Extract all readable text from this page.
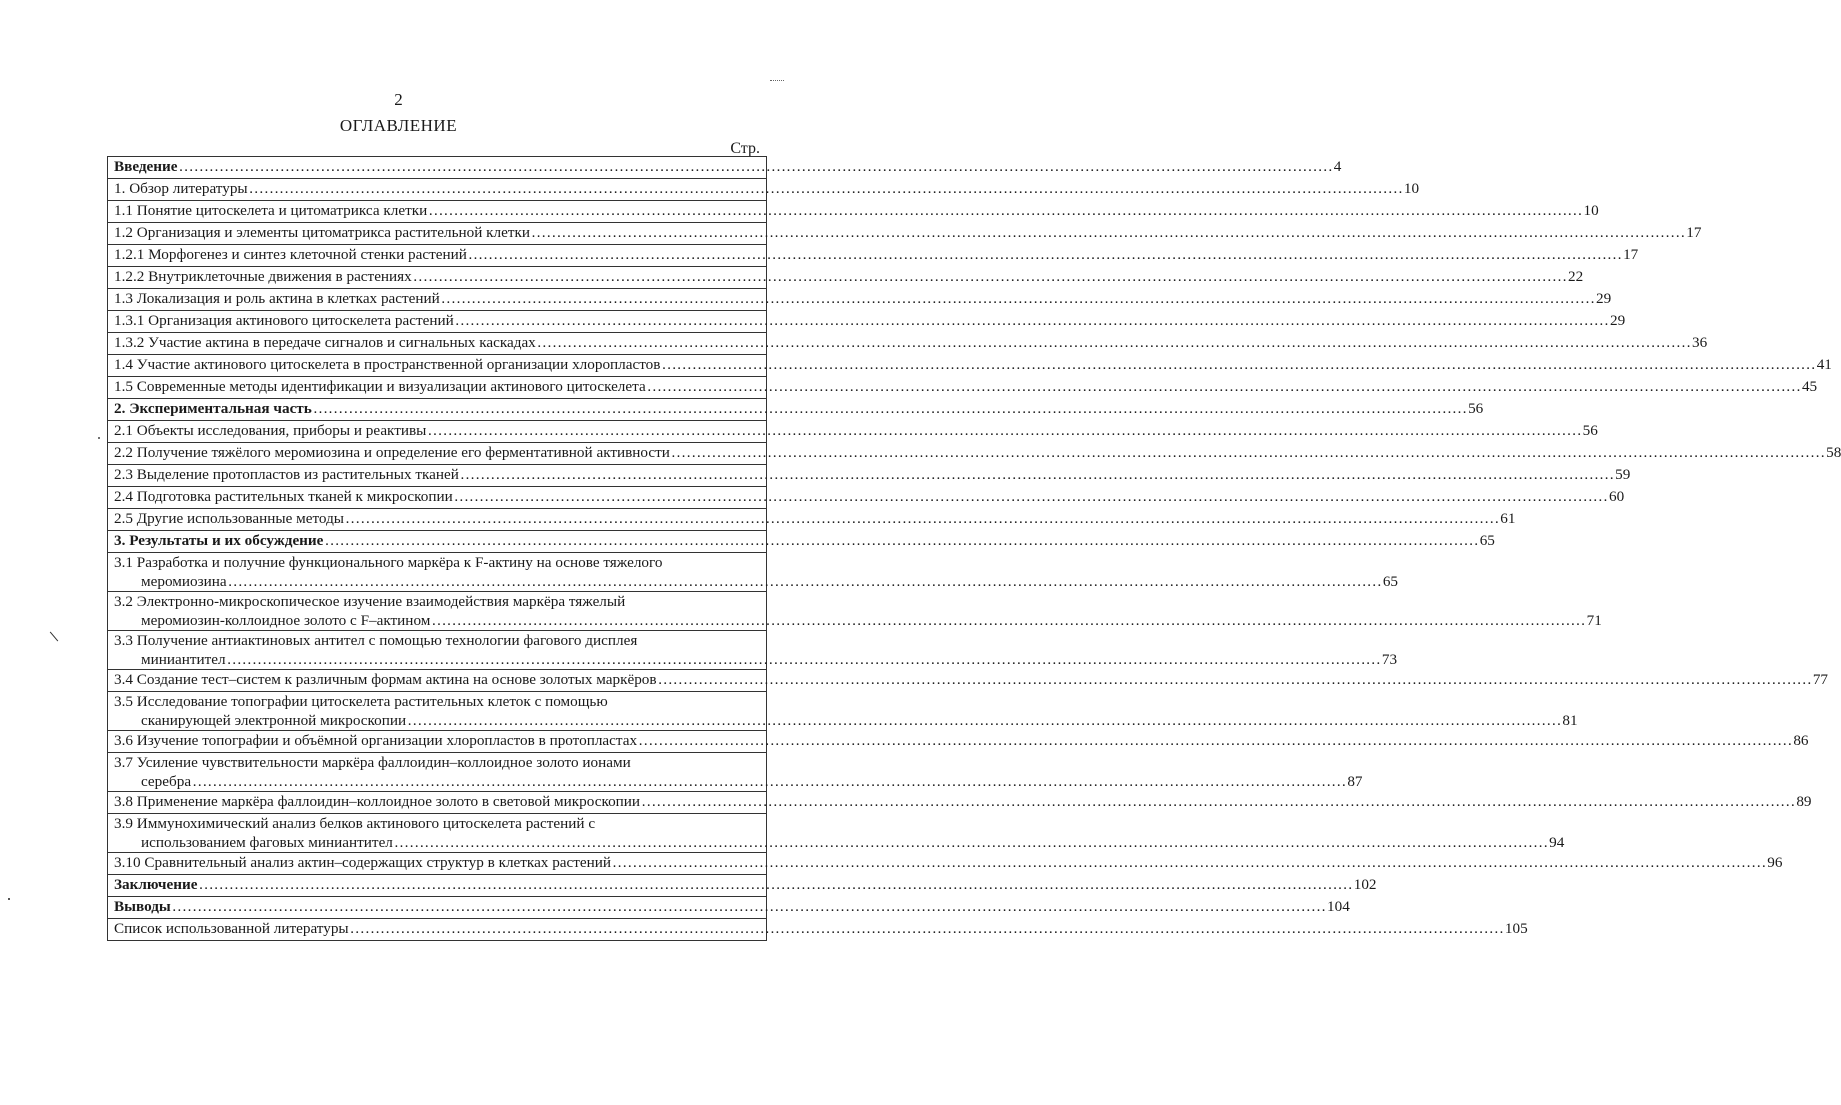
2
ОГЛАВЛЕНИЕ
Стр.
Введение …………………………………………………………………………………………………………………………………………………………………………………………………………	4

1. Обзор литературы …………………………………………………………………………………………………………………………………………………………………………………………………………	10

1.1 Понятие цитоскелета и цитоматрикса клетки …………………………………………………………………………………………………………………………………………………………………………………………………………	10

1.2 Организация и элементы цитоматрикса растительной клетки …………………………………………………………………………………………………………………………………………………………………………………………………………	17

1.2.1 Морфогенез и синтез клеточной стенки растений …………………………………………………………………………………………………………………………………………………………………………………………………………	17

1.2.2 Внутриклеточные движения в растениях …………………………………………………………………………………………………………………………………………………………………………………………………………	22

1.3 Локализация и роль актина в клетках растений …………………………………………………………………………………………………………………………………………………………………………………………………………	29

1.3.1 Организация актинового цитоскелета растений …………………………………………………………………………………………………………………………………………………………………………………………………………	29

1.3.2 Участие актина в передаче сигналов и сигнальных каскадах …………………………………………………………………………………………………………………………………………………………………………………………………………	36

1.4 Участие актинового цитоскелета в пространственной организации хлоропластов …………………………………………………………………………………………………………………………………………………………………………………………………………	41

1.5 Современные методы идентификации и визуализации актинового цитоскелета …………………………………………………………………………………………………………………………………………………………………………………………………………	45

2. Экспериментальная часть …………………………………………………………………………………………………………………………………………………………………………………………………………	56

2.1 Объекты исследования, приборы и реактивы …………………………………………………………………………………………………………………………………………………………………………………………………………	56

2.2 Получение тяжёлого меромиозина и определение его ферментативной активности …………………………………………………………………………………………………………………………………………………………………………………………………………	58

2.3 Выделение протопластов из растительных тканей …………………………………………………………………………………………………………………………………………………………………………………………………………	59

2.4 Подготовка растительных тканей к микроскопии …………………………………………………………………………………………………………………………………………………………………………………………………………	60

2.5 Другие использованные методы …………………………………………………………………………………………………………………………………………………………………………………………………………	61

3. Результаты и их обсуждение …………………………………………………………………………………………………………………………………………………………………………………………………………	65

3.1 Разработка и получние функционального маркёра к F-актину на основе тяжелого
меромиозина …………………………………………………………………………………………………………………………………………………………………………………………………………	65

3.2 Электронно-микроскопическое изучение взаимодействия маркёра тяжелый
меромиозин-коллоидное золото с F–актином …………………………………………………………………………………………………………………………………………………………………………………………………………	71

3.3 Получение антиактиновых антител с помощью технологии фагового дисплея
миниантител …………………………………………………………………………………………………………………………………………………………………………………………………………	73

3.4 Создание тест–систем к различным формам актина на основе золотых маркёров …………………………………………………………………………………………………………………………………………………………………………………………………………	77

3.5 Исследование топографии цитоскелета растительных клеток с помощью
сканирующей электронной микроскопии …………………………………………………………………………………………………………………………………………………………………………………………………………	81

3.6 Изучение топографии и объёмной организации хлоропластов в протопластах …………………………………………………………………………………………………………………………………………………………………………………………………………	86

3.7 Усиление чувствительности маркёра фаллоидин–коллоидное золото ионами
серебра …………………………………………………………………………………………………………………………………………………………………………………………………………	87

3.8 Применение маркёра фаллоидин–коллоидное золото в световой микроскопии …………………………………………………………………………………………………………………………………………………………………………………………………………	89

3.9 Иммунохимический анализ белков актинового цитоскелета растений с
использованием фаговых миниантител …………………………………………………………………………………………………………………………………………………………………………………………………………	94

3.10 Сравнительный анализ актин–содержащих структур в клетках растений …………………………………………………………………………………………………………………………………………………………………………………………………………	96

Заключение …………………………………………………………………………………………………………………………………………………………………………………………………………	102

Выводы …………………………………………………………………………………………………………………………………………………………………………………………………………	104

Список использованной литературы …………………………………………………………………………………………………………………………………………………………………………………………………………	105
